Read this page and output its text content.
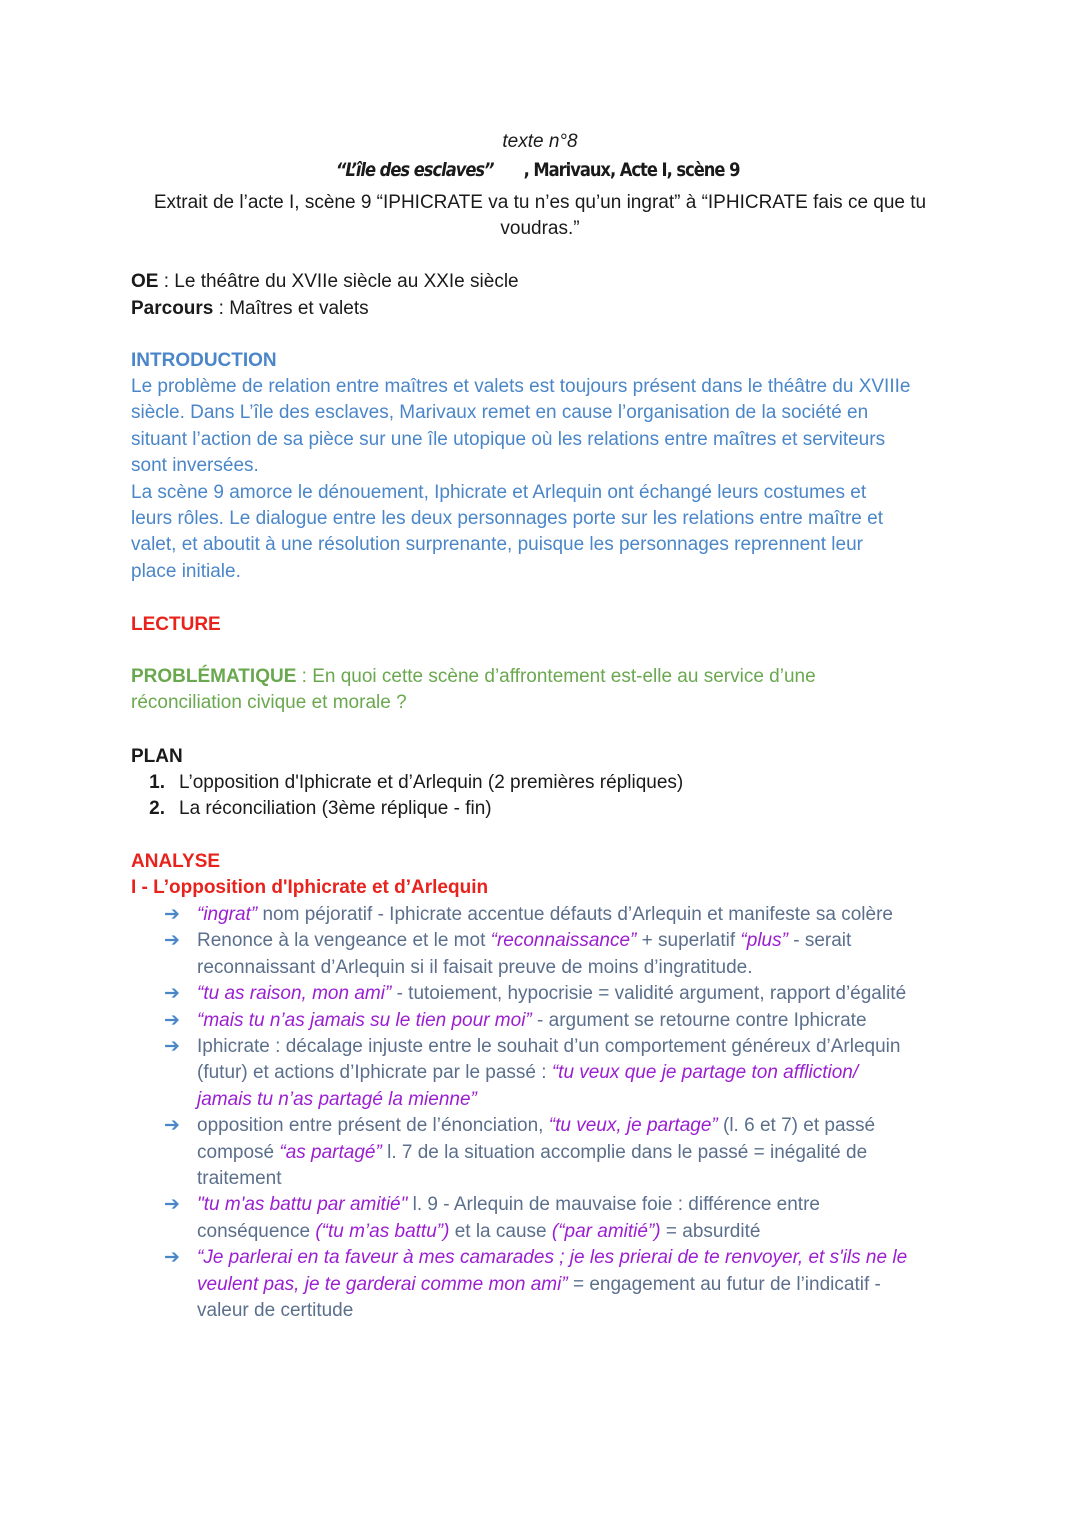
texte n°8
“L’île des esclaves” , Marivaux, Acte I, scène 9
Extrait de l’acte I, scène 9 “IPHICRATE va tu n’es qu’un ingrat” à “IPHICRATE fais ce que tu
voudras.”
OE : Le théâtre du XVIIe siècle au XXIe siècle
Parcours : Maîtres et valets
INTRODUCTION
Le problème de relation entre maîtres et valets est toujours présent dans le théâtre du XVIIIe
siècle. Dans L’île des esclaves, Marivaux remet en cause l’organisation de la société en
situant l’action de sa pièce sur une île utopique où les relations entre maîtres et serviteurs
sont inversées.
La scène 9 amorce le dénouement, Iphicrate et Arlequin ont échangé leurs costumes et
leurs rôles. Le dialogue entre les deux personnages porte sur les relations entre maître et
valet, et aboutit à une résolution surprenante, puisque les personnages reprennent leur
place initiale.
LECTURE
PROBLÉMATIQUE : En quoi cette scène d’affrontement est-elle au service d’une
réconciliation civique et morale ?
PLAN
1. L’opposition d'Iphicrate et d’Arlequin (2 premières répliques)
2. La réconciliation (3ème réplique - fin)
ANALYSE
I - L’opposition d'Iphicrate et d’Arlequin
➔ “ingrat” nom péjoratif - Iphicrate accentue défauts d’Arlequin et manifeste sa colère
➔ Renonce à la vengeance et le mot “reconnaissance” + superlatif “plus” - serait
reconnaissant d’Arlequin si il faisait preuve de moins d’ingratitude.
➔ “tu as raison, mon ami” - tutoiement, hypocrisie = validité argument, rapport d’égalité
➔ “mais tu n’as jamais su le tien pour moi” - argument se retourne contre Iphicrate
➔ Iphicrate : décalage injuste entre le souhait d’un comportement généreux d’Arlequin
(futur) et actions d’Iphicrate par le passé : “tu veux que je partage ton affliction/
jamais tu n’as partagé la mienne”
➔ opposition entre présent de l’énonciation, “tu veux, je partage” (l. 6 et 7) et passé
composé “as partagé” l. 7 de la situation accomplie dans le passé = inégalité de
traitement
➔ "tu m'as battu par amitié" l. 9 - Arlequin de mauvaise foie : différence entre
conséquence (“tu m’as battu”) et la cause (“par amitié”) = absurdité
➔ “Je parlerai en ta faveur à mes camarades ; je les prierai de te renvoyer, et s'ils ne le
veulent pas, je te garderai comme mon ami” = engagement au futur de l’indicatif -
valeur de certitude
